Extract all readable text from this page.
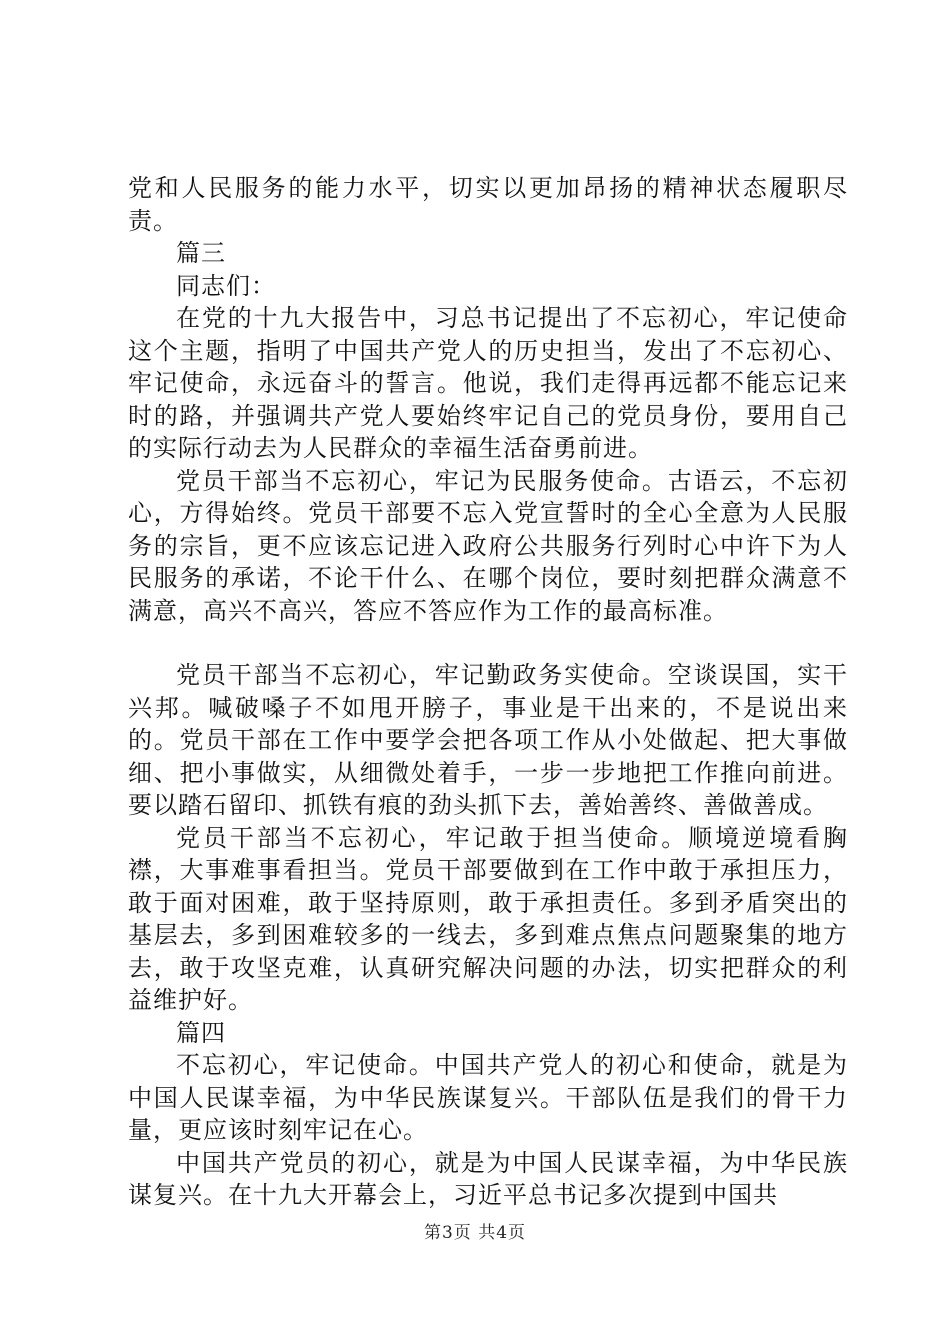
党和人民服务的能力水平，切实以更加昂扬的精神状态履职尽责。

篇三

同志们：

在党的十九大报告中，习总书记提出了不忘初心，牢记使命这个主题，指明了中国共产党人的历史担当，发出了不忘初心、牢记使命，永远奋斗的誓言。他说，我们走得再远都不能忘记来时的路，并强调共产党人要始终牢记自己的党员身份，要用自己的实际行动去为人民群众的幸福生活奋勇前进。

党员干部当不忘初心，牢记为民服务使命。古语云，不忘初心，方得始终。党员干部要不忘入党宣誓时的全心全意为人民服务的宗旨，更不应该忘记进入政府公共服务行列时心中许下为人民服务的承诺，不论干什么、在哪个岗位，要时刻把群众满意不满意，高兴不高兴，答应不答应作为工作的最高标准。

党员干部当不忘初心，牢记勤政务实使命。空谈误国，实干兴邦。喊破嗓子不如甩开膀子，事业是干出来的，不是说出来的。党员干部在工作中要学会把各项工作从小处做起、把大事做细、把小事做实，从细微处着手，一步一步地把工作推向前进。要以踏石留印、抓铁有痕的劲头抓下去，善始善终、善做善成。

党员干部当不忘初心，牢记敢于担当使命。顺境逆境看胸襟，大事难事看担当。党员干部要做到在工作中敢于承担压力，敢于面对困难，敢于坚持原则，敢于承担责任。多到矛盾突出的基层去，多到困难较多的一线去，多到难点焦点问题聚集的地方去，敢于攻坚克难，认真研究解决问题的办法，切实把群众的利益维护好。

篇四

不忘初心，牢记使命。中国共产党人的初心和使命，就是为中国人民谋幸福，为中华民族谋复兴。干部队伍是我们的骨干力量，更应该时刻牢记在心。

中国共产党员的初心，就是为中国人民谋幸福，为中华民族谋复兴。在十九大开幕会上，习近平总书记多次提到中国共

第3页 共4页
